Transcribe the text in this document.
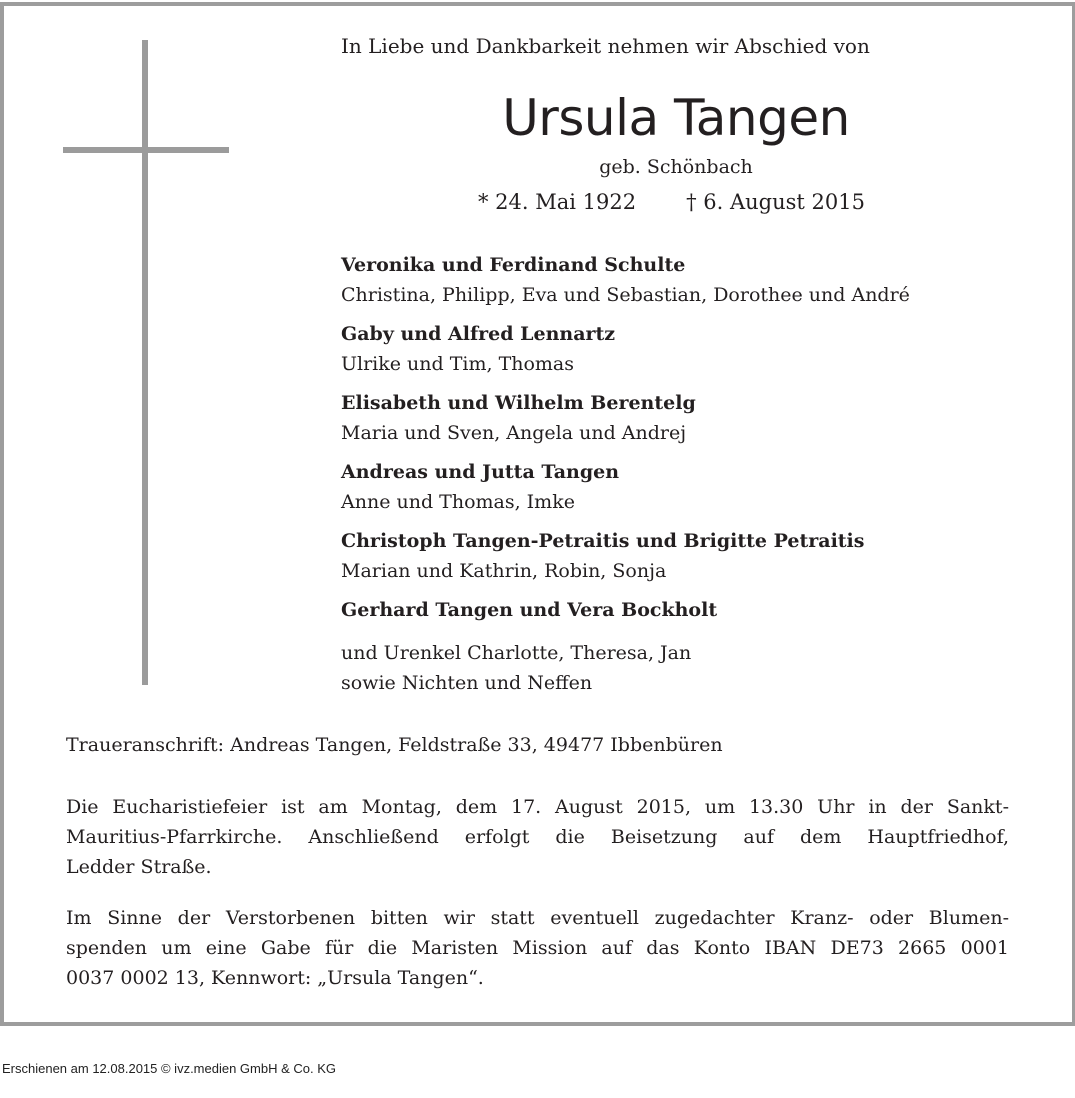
In Liebe und Dankbarkeit nehmen wir Abschied von
Ursula Tangen
geb. Schönbach
* 24. Mai 1922 † 6. August 2015
Veronika und Ferdinand Schulte
Christina, Philipp, Eva und Sebastian, Dorothee und André
Gaby und Alfred Lennartz
Ulrike und Tim, Thomas
Elisabeth und Wilhelm Berentelg
Maria und Sven, Angela und Andrej
Andreas und Jutta Tangen
Anne und Thomas, Imke
Christoph Tangen-Petraitis und Brigitte Petraitis
Marian und Kathrin, Robin, Sonja
Gerhard Tangen und Vera Bockholt
und Urenkel Charlotte, Theresa, Jan
sowie Nichten und Neffen
Traueranschrift: Andreas Tangen, Feldstraße 33, 49477 Ibbenbüren
Die Eucharistiefeier ist am Montag, dem 17. August 2015, um 13.30 Uhr in der Sankt-
Mauritius-Pfarrkirche. Anschließend erfolgt die Beisetzung auf dem Hauptfriedhof,
Ledder Straße.
Im Sinne der Verstorbenen bitten wir statt eventuell zugedachter Kranz- oder Blumen-
spenden um eine Gabe für die Maristen Mission auf das Konto IBAN DE73 2665 0001
0037 0002 13, Kennwort: „Ursula Tangen“.
Erschienen am 12.08.2015 © ivz.medien GmbH & Co. KG
